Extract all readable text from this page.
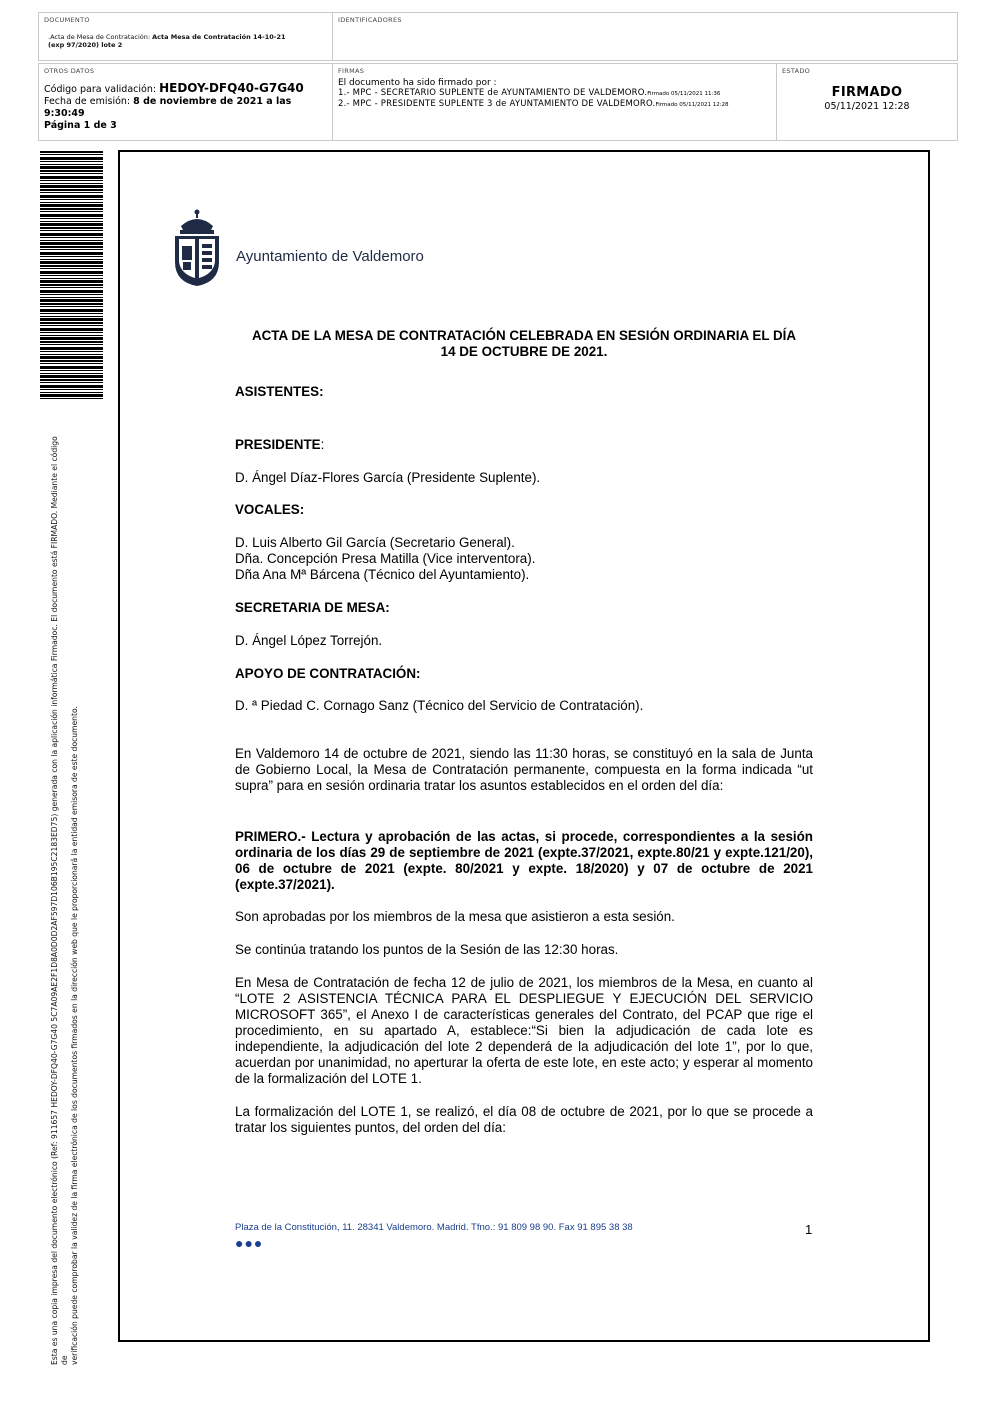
DOCUMENTO
.Acta de Mesa de Contratación: Acta Mesa de Contratación 14-10-21
(exp 97/2020) lote 2
IDENTIFICADORES
OTROS DATOS
Código para validación: HEDOY-DFQ40-G7G40
Fecha de emisión: 8 de noviembre de 2021 a las 9:30:49
Página 1 de 3
FIRMAS
El documento ha sido firmado por :
1.- MPC - SECRETARIO SUPLENTE de AYUNTAMIENTO DE VALDEMORO.Firmado 05/11/2021 11:36
2.- MPC - PRESIDENTE SUPLENTE 3 de AYUNTAMIENTO DE VALDEMORO.Firmado 05/11/2021 12:28
ESTADO
FIRMADO
05/11/2021 12:28
Esta es una copia impresa del documento electrónico (Ref: 911657 HEDOY-DFQ40-G7G40 5C7A09AE2F1D8A0D0D2AF597D106B195C2183ED75) generada con la aplicación informática Firmadoc. El documento está FIRMADO. Mediante el código de verificación puede comprobar la validez de la firma electrónica de los documentos firmados en la dirección web que le proporcionará la entidad emisora de este documento.
Ayuntamiento de Valdemoro
ACTA DE LA MESA DE CONTRATACIÓN CELEBRADA EN SESIÓN ORDINARIA EL DÍA
14 DE OCTUBRE DE 2021.
ASISTENTES:
PRESIDENTE:
D. Ángel Díaz-Flores García (Presidente Suplente).
VOCALES:
D. Luis Alberto Gil García (Secretario General).
Dña. Concepción Presa Matilla (Vice interventora).
Dña Ana Mª Bárcena (Técnico del Ayuntamiento).
SECRETARIA DE MESA:
D. Ángel López Torrejón.
APOYO DE CONTRATACIÓN:
D. ª Piedad C. Cornago Sanz (Técnico del Servicio de Contratación).
En Valdemoro 14 de octubre de 2021, siendo las 11:30 horas, se constituyó en la sala de Junta de Gobierno Local, la Mesa de Contratación permanente, compuesta en la forma indicada “ut supra” para en sesión ordinaria tratar los asuntos establecidos en el orden del día:
PRIMERO.- Lectura y aprobación de las actas, si procede, correspondientes a la sesión ordinaria de los días 29 de septiembre de 2021 (expte.37/2021, expte.80/21 y expte.121/20), 06 de octubre de 2021 (expte. 80/2021 y expte. 18/2020) y 07 de octubre de 2021 (expte.37/2021).
Son aprobadas por los miembros de la mesa que asistieron a esta sesión.
Se continúa tratando los puntos de la Sesión de las 12:30 horas.
En Mesa de Contratación de fecha 12 de julio de 2021, los miembros de la Mesa, en cuanto al “LOTE 2 ASISTENCIA TÉCNICA PARA EL DESPLIEGUE Y EJECUCIÓN DEL SERVICIO MICROSOFT 365”, el Anexo I de características generales del Contrato, del PCAP que rige el procedimiento, en su apartado A, establece:“Si bien la adjudicación de cada lote es independiente, la adjudicación del lote 2 dependerá de la adjudicación del lote 1”, por lo que, acuerdan por unanimidad, no aperturar la oferta de este lote, en este acto; y esperar al momento de la formalización del LOTE 1.
La formalización del LOTE 1, se realizó, el día 08 de octubre de 2021, por lo que se procede a tratar los siguientes puntos, del orden del día:
Plaza de la Constitución, 11. 28341 Valdemoro. Madrid. Tfno.: 91 809 98 90. Fax 91 895 38 38
●●●
1
